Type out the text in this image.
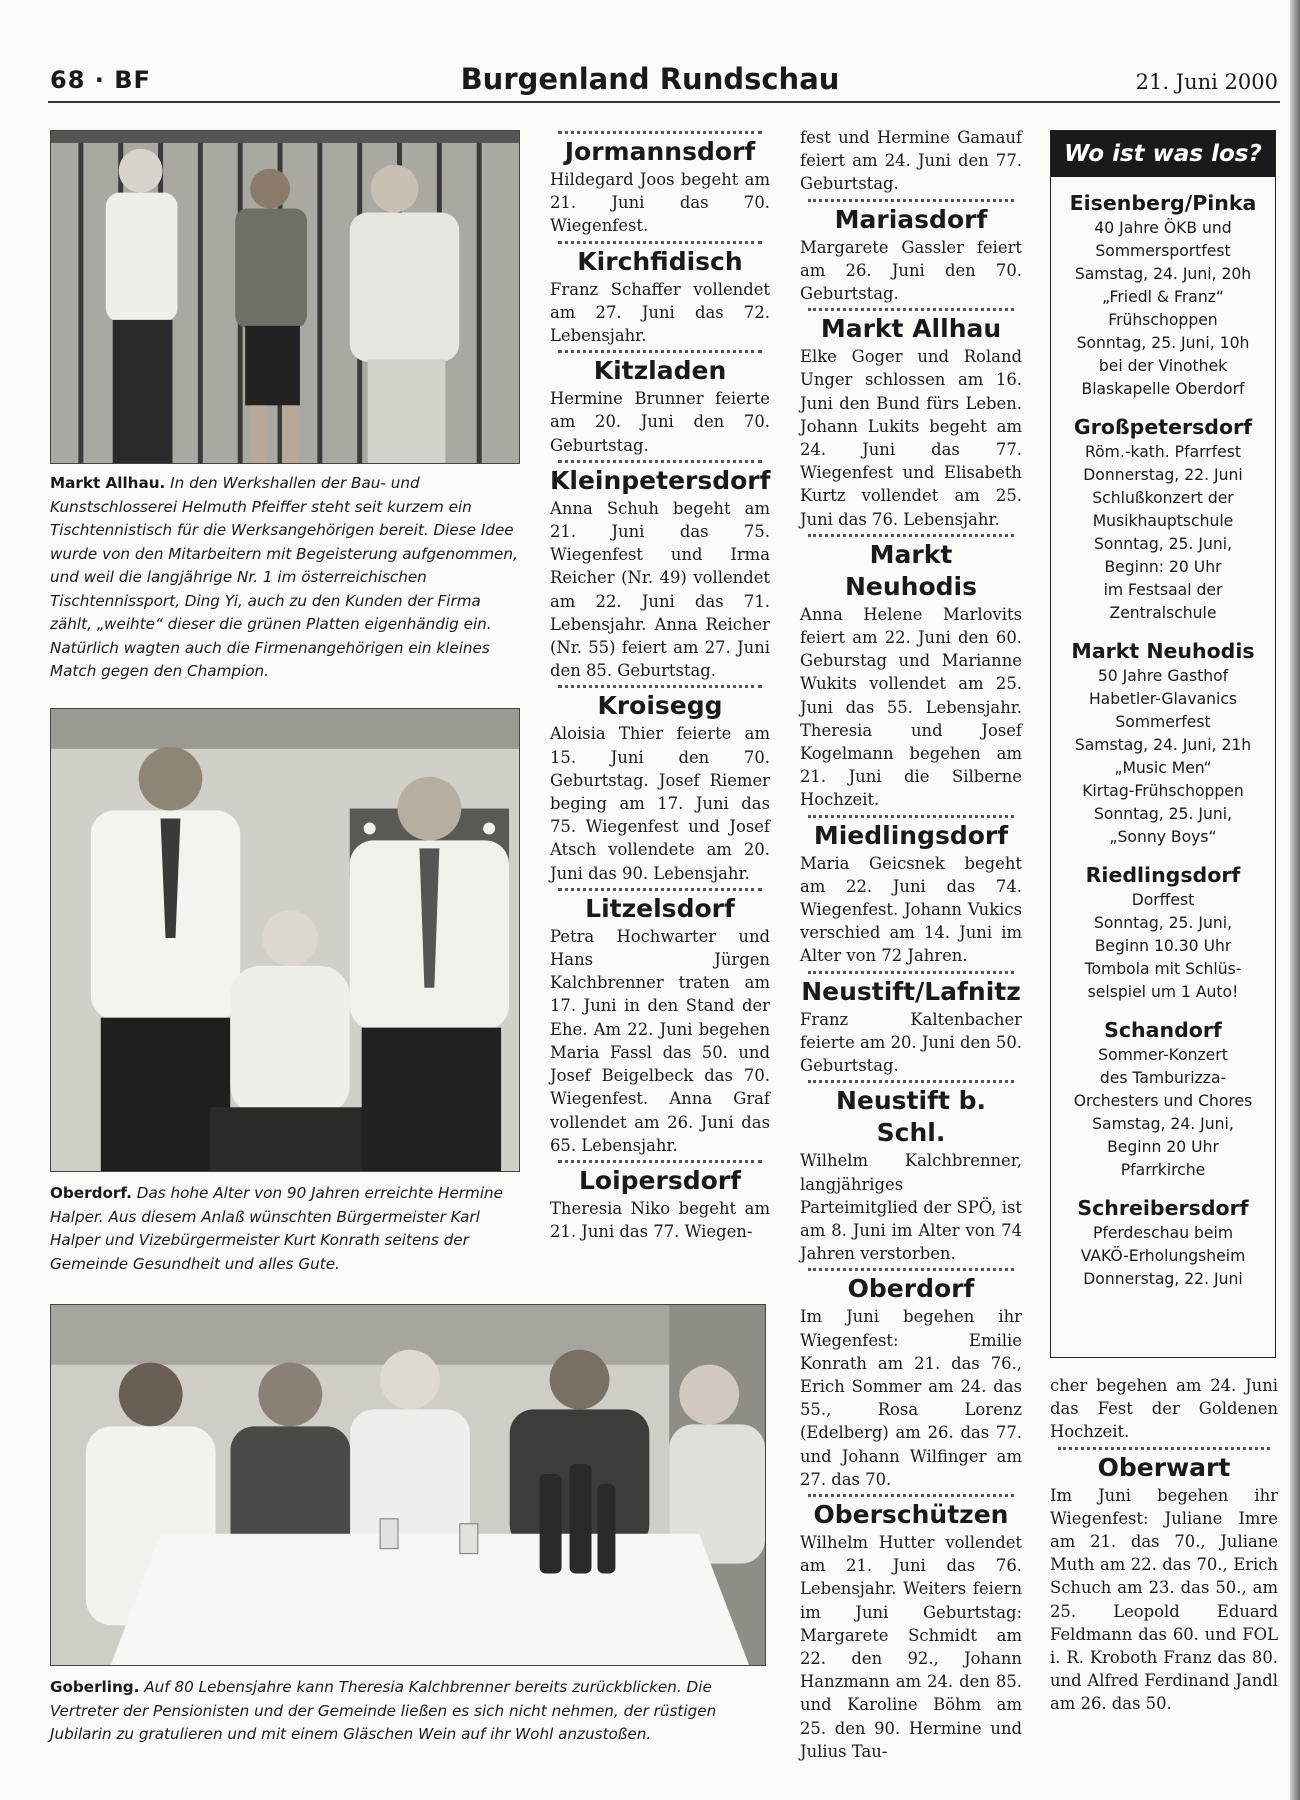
68 · BF	Burgenland Rundschau	21. Juni 2000
Markt Allhau. In den Werkshallen der Bau- und Kunstschlosserei Helmuth Pfeiffer steht seit kurzem ein Tischtennistisch für die Werksangehörigen bereit. Diese Idee wurde von den Mitarbeitern mit Begeisterung aufgenommen, und weil die langjährige Nr. 1 im österreichischen Tischtennissport, Ding Yi, auch zu den Kunden der Firma zählt, „weihte“ dieser die grünen Platten eigenhändig ein. Natürlich wagten auch die Firmenangehörigen ein kleines Match gegen den Champion.
Oberdorf. Das hohe Alter von 90 Jahren erreichte Hermine Halper. Aus diesem Anlaß wünschten Bürgermeister Karl Halper und Vizebürgermeister Kurt Konrath seitens der Gemeinde Gesundheit und alles Gute.
Goberling. Auf 80 Lebensjahre kann Theresia Kalchbrenner bereits zurückblicken. Die Vertreter der Pensionisten und der Gemeinde ließen es sich nicht nehmen, der rüstigen Jubilarin zu gratulieren und mit einem Gläschen Wein auf ihr Wohl anzustoßen.
Jormannsdorf
Hildegard Joos begeht am 21. Juni das 70. Wiegenfest.
Kirchfidisch
Franz Schaffer vollendet am 27. Juni das 72. Lebensjahr.
Kitzladen
Hermine Brunner feierte am 20. Juni den 70. Geburtstag.
Kleinpetersdorf
Anna Schuh begeht am 21. Juni das 75. Wiegenfest und Irma Reicher (Nr. 49) vollendet am 22. Juni das 71. Lebensjahr. Anna Reicher (Nr. 55) feiert am 27. Juni den 85. Geburtstag.
Kroisegg
Aloisia Thier feierte am 15. Juni den 70. Geburtstag. Josef Riemer beging am 17. Juni das 75. Wiegenfest und Josef Atsch vollendete am 20. Juni das 90. Lebensjahr.
Litzelsdorf
Petra Hochwarter und Hans Jürgen Kalchbrenner traten am 17. Juni in den Stand der Ehe. Am 22. Juni begehen Maria Fassl das 50. und Josef Beigelbeck das 70. Wiegenfest. Anna Graf vollendet am 26. Juni das 65. Lebensjahr.
Loipersdorf
Theresia Niko begeht am 21. Juni das 77. Wiegen-
fest und Hermine Gamauf feiert am 24. Juni den 77. Geburtstag.
Mariasdorf
Margarete Gassler feiert am 26. Juni den 70. Geburtstag.
Markt Allhau
Elke Goger und Roland Unger schlossen am 16. Juni den Bund fürs Leben. Johann Lukits begeht am 24. Juni das 77. Wiegenfest und Elisabeth Kurtz vollendet am 25. Juni das 76. Lebensjahr.
Markt Neuhodis
Anna Helene Marlovits feiert am 22. Juni den 60. Geburstag und Marianne Wukits vollendet am 25. Juni das 55. Lebensjahr. Theresia und Josef Kogelmann begehen am 21. Juni die Silberne Hochzeit.
Miedlingsdorf
Maria Geicsnek begeht am 22. Juni das 74. Wiegenfest. Johann Vukics verschied am 14. Juni im Alter von 72 Jahren.
Neustift/Lafnitz
Franz Kaltenbacher feierte am 20. Juni den 50. Geburtstag.
Neustift b. Schl.
Wilhelm Kalchbrenner, langjähriges Parteimitglied der SPÖ, ist am 8. Juni im Alter von 74 Jahren verstorben.
Oberdorf
Im Juni begehen ihr Wiegenfest: Emilie Konrath am 21. das 76., Erich Sommer am 24. das 55., Rosa Lorenz (Edelberg) am 26. das 77. und Johann Wilfinger am 27. das 70.
Oberschützen
Wilhelm Hutter vollendet am 21. Juni das 76. Lebensjahr. Weiters feiern im Juni Geburtstag: Margarete Schmidt am 22. den 92., Johann Hanzmann am 24. den 85. und Karoline Böhm am 25. den 90. Hermine und Julius Tau-
Wo ist was los?
Eisenberg/Pinka
40 Jahre ÖKB und
Sommersportfest
Samstag, 24. Juni, 20h
„Friedl & Franz“
Frühschoppen
Sonntag, 25. Juni, 10h
bei der Vinothek
Blaskapelle Oberdorf
Großpetersdorf
Röm.-kath. Pfarrfest
Donnerstag, 22. Juni
Schlußkonzert der
Musikhauptschule
Sonntag, 25. Juni,
Beginn: 20 Uhr
im Festsaal der
Zentralschule
Markt Neuhodis
50 Jahre Gasthof
Habetler-Glavanics
Sommerfest
Samstag, 24. Juni, 21h
„Music Men“
Kirtag-Frühschoppen
Sonntag, 25. Juni,
„Sonny Boys“
Riedlingsdorf
Dorffest
Sonntag, 25. Juni,
Beginn 10.30 Uhr
Tombola mit Schlüs-
selspiel um 1 Auto!
Schandorf
Sommer-Konzert
des Tamburizza-
Orchesters und Chores
Samstag, 24. Juni,
Beginn 20 Uhr
Pfarrkirche
Schreibersdorf
Pferdeschau beim
VAKÖ-Erholungsheim
Donnerstag, 22. Juni
cher begehen am 24. Juni das Fest der Goldenen Hochzeit.
Oberwart
Im Juni begehen ihr Wiegenfest: Juliane Imre am 21. das 70., Juliane Muth am 22. das 70., Erich Schuch am 23. das 50., am 25. Leopold Eduard Feldmann das 60. und FOL i. R. Kroboth Franz das 80. und Alfred Ferdinand Jandl am 26. das 50.
